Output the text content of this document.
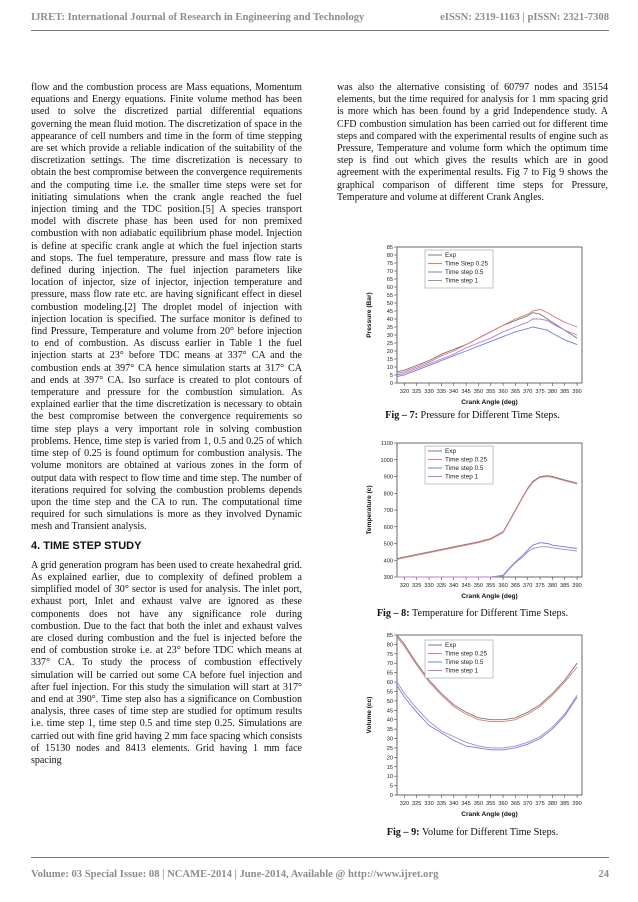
IJRET: International Journal of Research in Engineering and Technology	eISSN: 2319-1163 | pISSN: 2321-7308

flow and the combustion process are Mass equations, Momentum equations and Energy equations. Finite volume method has been used to solve the discretized partial differential equations governing the mean fluid motion. The discretization of space in the appearance of cell numbers and time in the form of time stepping are set which provide a reliable indication of the suitability of the discretization settings. The time discretization is necessary to obtain the best compromise between the convergence requirements and the computing time i.e. the smaller time steps were set for initiating simulations when the crank angle reached the fuel injection timing and the TDC position.[5] A species transport model with discrete phase has been used for non premixed combustion with non adiabatic equilibrium phase model. Injection is define at specific crank angle at which the fuel injection starts and stops. The fuel temperature, pressure and mass flow rate is defined during injection. The fuel injection parameters like location of injector, size of injector, injection temperature and pressure, mass flow rate etc. are having significant effect in diesel combustion modeling.[2] The droplet model of injection with injection location is specified. The surface monitor is defined to find Pressure, Temperature and volume from 20° before injection to end of combustion. As discuss earlier in Table 1 the fuel injection starts at 23° before TDC means at 337° CA and the combustion ends at 397° CA hence simulation starts at 317° CA and ends at 397° CA. Iso surface is created to plot contours of temperature and pressure for the combustion simulation. As explained earlier that the time discretization is necessary to obtain the best compromise between the convergence requirements so time step plays a very important role in solving combustion problems. Hence, time step is varied from 1, 0.5 and 0.25 of which time step of 0.25 is found optimum for combustion analysis. The volume monitors are obtained at various zones in the form of output data with respect to flow time and time step. The number of iterations required for solving the combustion problems depends upon the time step and the CA to run. The computational time required for such simulations is more as they involved Dynamic mesh and Transient analysis.

4. TIME STEP STUDY

A grid generation program has been used to create hexahedral grid. As explained earlier, due to complexity of defined problem a simplified model of 30° sector is used for analysis. The inlet port, exhaust port, Inlet and exhaust valve are ignored as these components does not have any significance role during combustion. Due to the fact that both the inlet and exhaust valves are closed during combustion and the fuel is injected before the end of combustion stroke i.e. at 23° before TDC which means at 337° CA. To study the process of combustion effectively simulation will be carried out some CA before fuel injection and after fuel injection. For this study the simulation will start at 317° and end at 390°. Time step also has a significance on Combustion analysis, three cases of time step are studied for optimum results i.e. time step 1, time step 0.5 and time step 0.25. Simulations are carried out with fine grid having 2 mm face spacing which consists of 15130 nodes and 8413 elements. Grid having 1 mm face spacing

was also the alternative consisting of 60797 nodes and 35154 elements, but the time required for analysis for 1 mm spacing grid is more which has been found by a grid Independence study. A CFD combustion simulation has been carried out for different time steps and compared with the experimental results of engine such as Pressure, Temperature and volume form which the optimum time step is find out which gives the results which are in good agreement with the experimental results. Fig 7 to Fig 9 shows the graphical comparison of different time steps for Pressure, Temperature and volume at different Crank Angles.

0
5
10
15
20
25
30
35
40
45
50
55
60
65
70
75
80
85
320 325 330 335 340 345 350 355 360 365 370 375 380 385 390
Crank Angle (deg)
Pressure (Bar)
Exp
Time Step 0.25
Time step 0.5
Time step 1
Fig – 7: Pressure for Different Time Steps.
300
400
500
600
700
800
900
1000
1100
320 325 330 335 340 345 350 355 360 365 370 375 380 385 390
Crank Angle (deg)
Temperature (c)
Exp
Time step 0.25
Time step 0.5
Time step 1
Fig – 8: Temperature for Different Time Steps.
0
5
10
15
20
25
30
35
40
45
50
55
60
65
70
75
80
85
320 325 330 335 340 345 350 355 360 365 370 375 380 385 390
Crank Angle (deg)
Volume (cc)
Exp
Time step 0.25
Time step 0.5
Time step 1
Fig – 9: Volume for Different Time Steps.
Volume: 03 Special Issue: 08 | NCAME-2014 | June-2014, Available @ http://www.ijret.org	24
